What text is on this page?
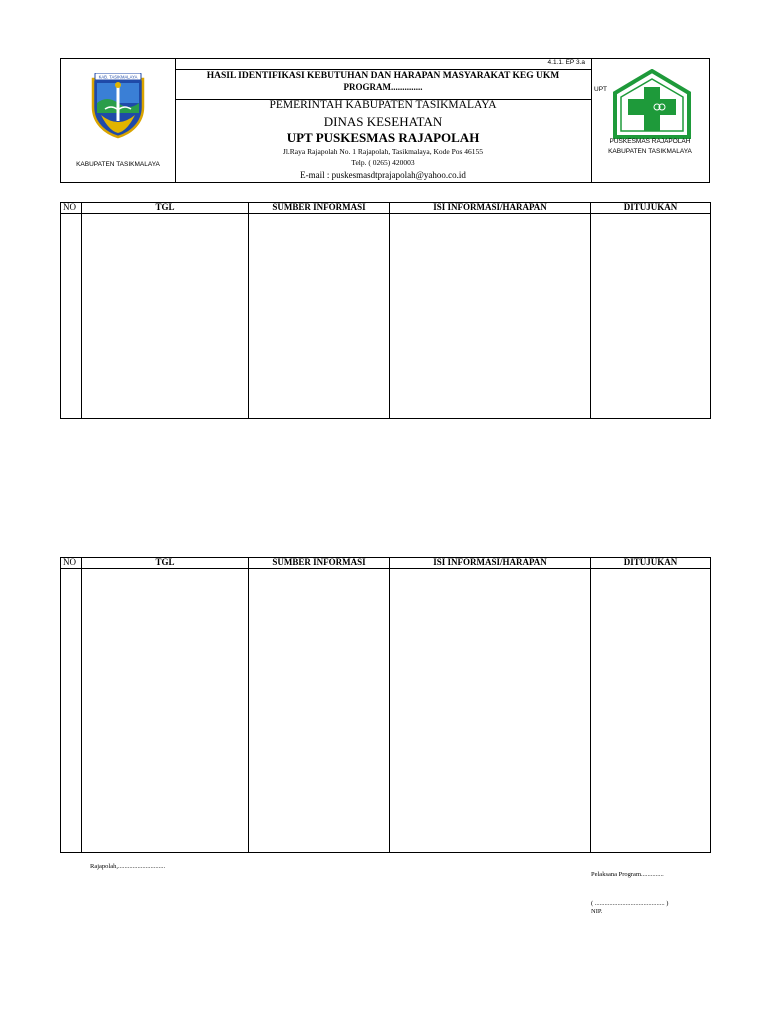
KAB. TASIKMALAYA
KABUPATEN TASIKMALAYA
4.1.1. EP 3.a
HASIL IDENTIFIKASI KEBUTUHAN DAN HARAPAN MASYARAKAT KEG UKM
PROGRAM..............
PEMERINTAH KABUPATEN TASIKMALAYA
DINAS KESEHATAN
UPT PUSKESMAS RAJAPOLAH
Jl.Raya Rajapolah No. 1 Rajapolah, Tasikmalaya, Kode Pos 46155
Telp. ( 0265) 420003
E-mail : puskesmasdtprajapolah@yahoo.co.id
UPT
PUSKESMAS RAJAPOLAH
KABUPATEN TASIKMALAYA
NO	TGL	SUMBER INFORMASI	ISI INFORMASI/HARAPAN	DITUJUKAN

NO	TGL	SUMBER INFORMASI	ISI INFORMASI/HARAPAN	DITUJUKAN

Rajapolah,.............................
Pelaksana Program..............
( ........................................... )
NIP.
